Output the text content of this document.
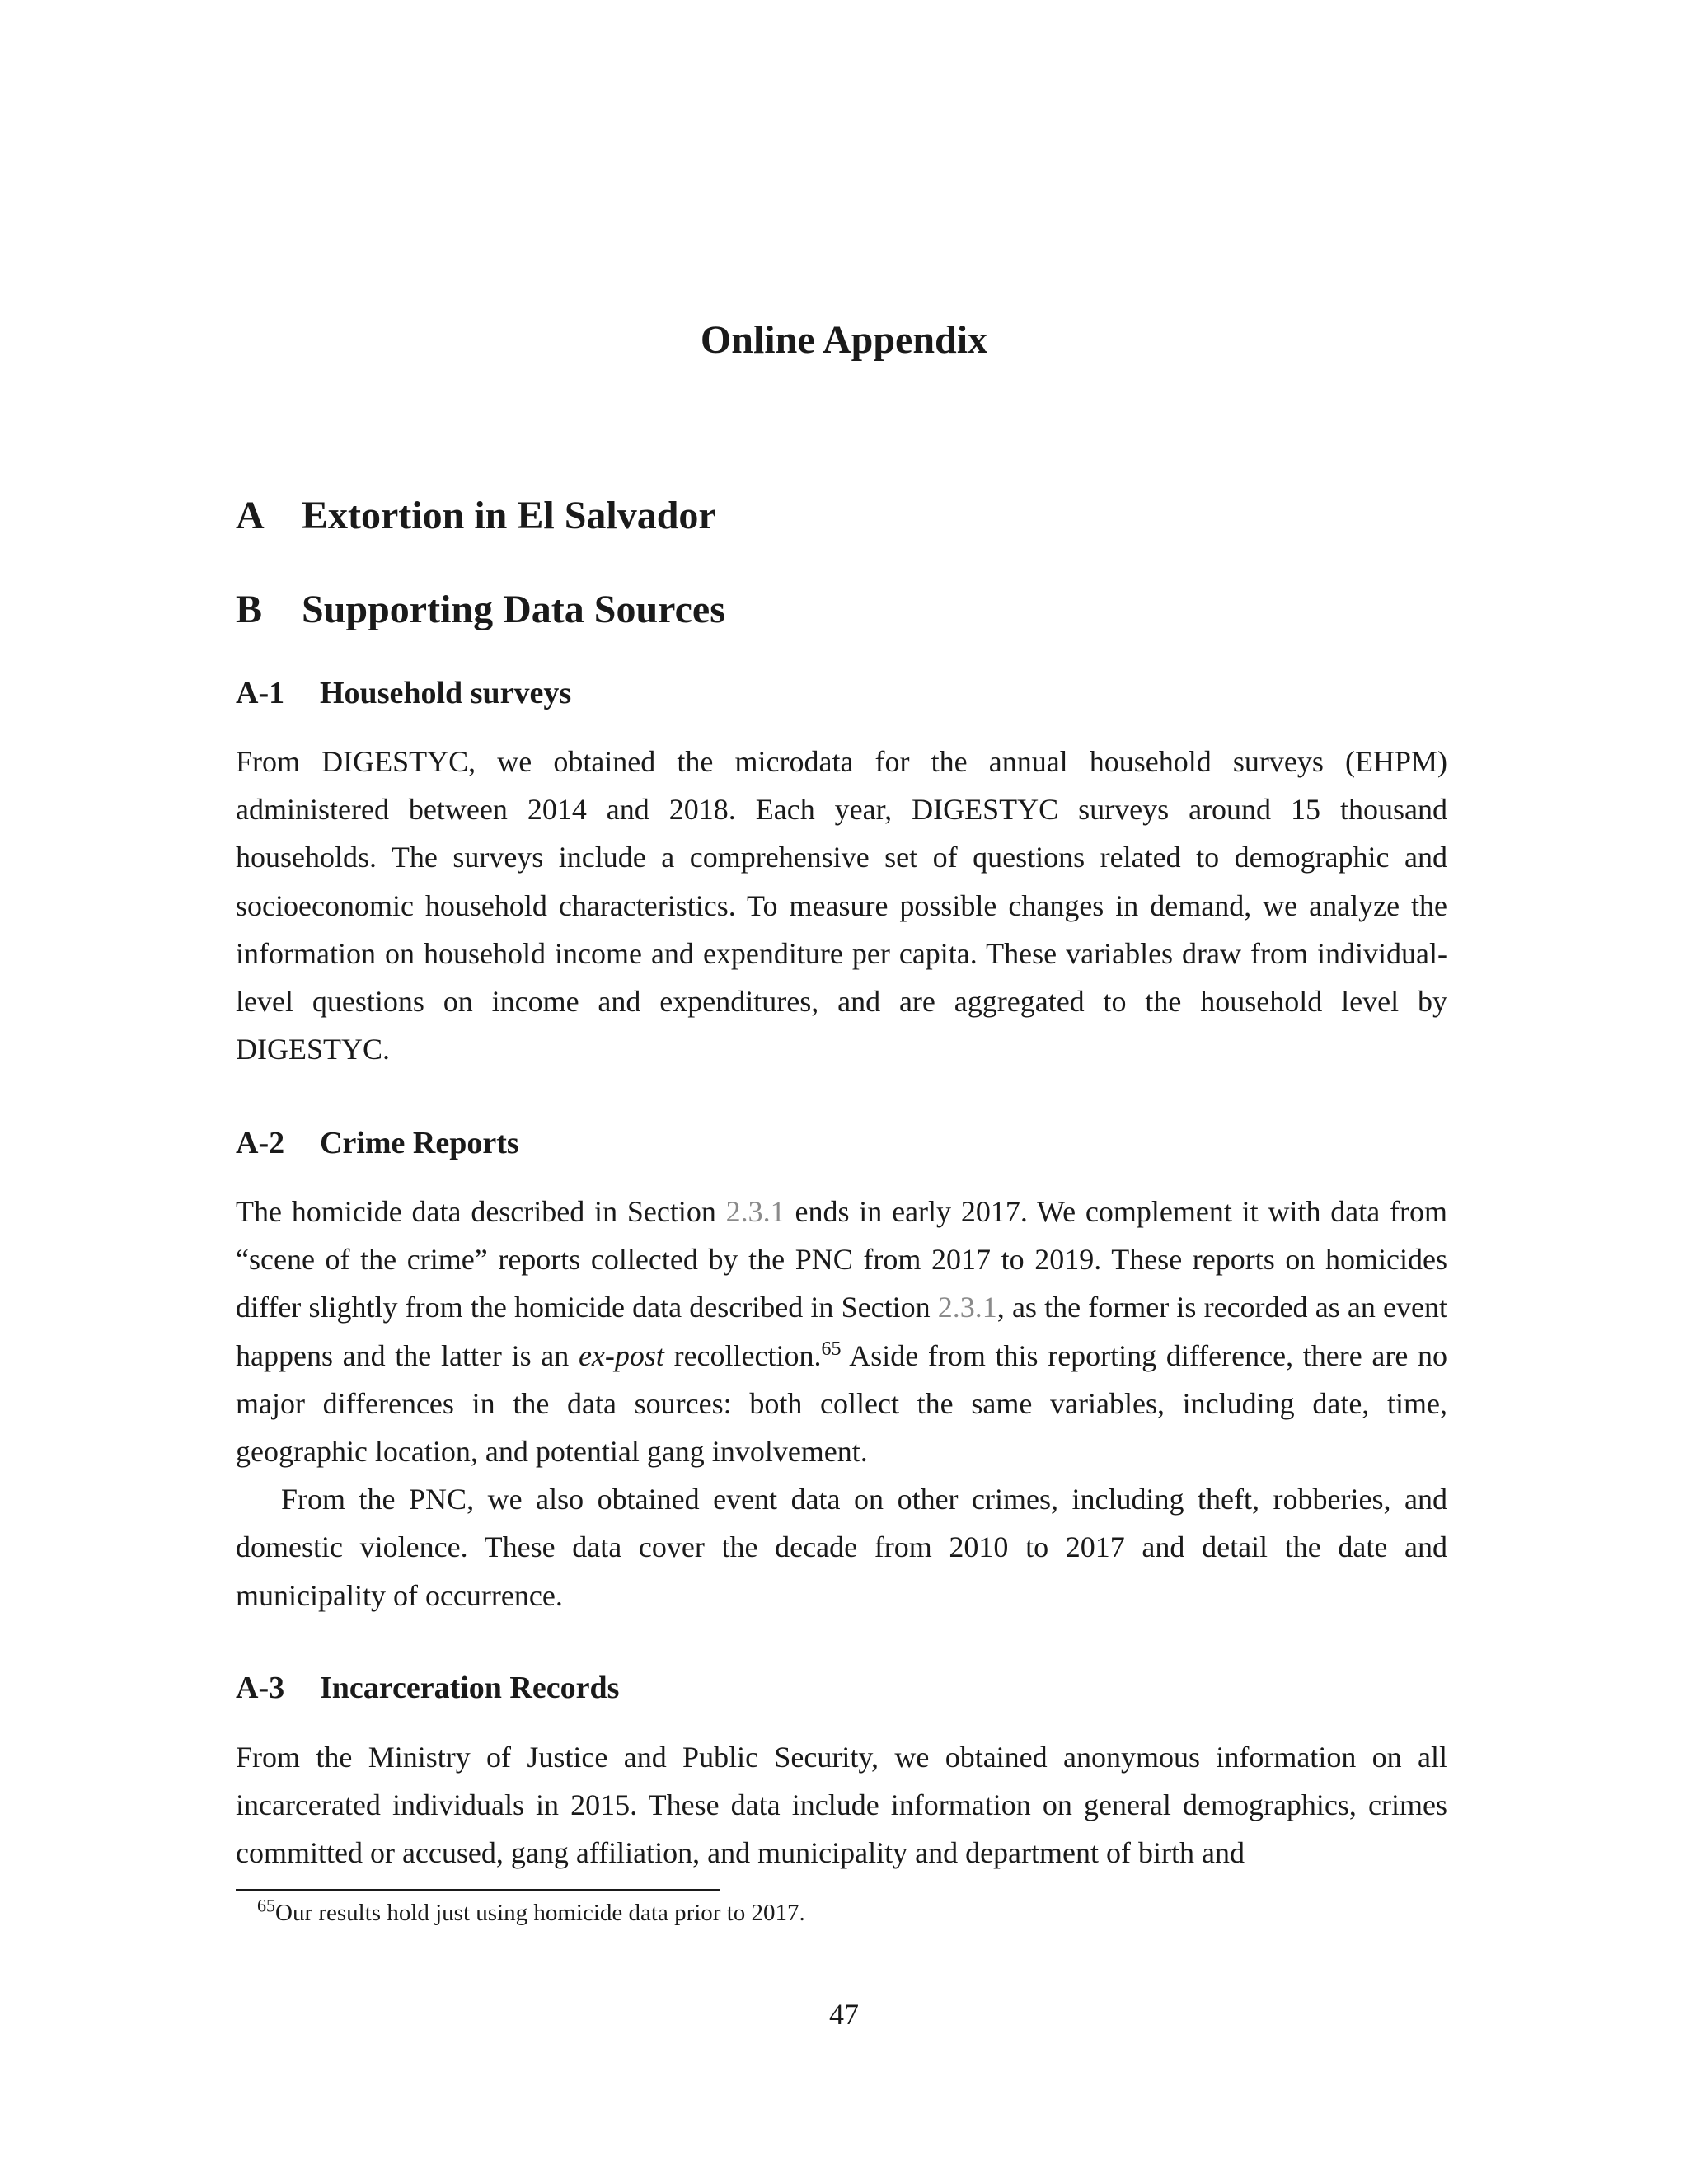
Online Appendix
A Extortion in El Salvador
B Supporting Data Sources
A-1 Household surveys

From DIGESTYC, we obtained the microdata for the annual household surveys (EHPM) administered between 2014 and 2018. Each year, DIGESTYC surveys around 15 thousand households. The surveys include a comprehensive set of questions related to demographic and socioeconomic household characteristics. To measure possible changes in demand, we analyze the information on household income and expenditure per capita. These variables draw from individual-level questions on income and expenditures, and are aggregated to the household level by DIGESTYC.

A-2 Crime Reports

The homicide data described in Section 2.3.1 ends in early 2017. We complement it with data from “scene of the crime” reports collected by the PNC from 2017 to 2019. These reports on homicides differ slightly from the homicide data described in Section 2.3.1, as the former is recorded as an event happens and the latter is an ex-post recollection.$^{65}$ Aside from this reporting difference, there are no major differences in the data sources: both collect the same variables, including date, time, geographic location, and potential gang involvement.

From the PNC, we also obtained event data on other crimes, including theft, robberies, and domestic violence. These data cover the decade from 2010 to 2017 and detail the date and municipality of occurrence.

A-3 Incarceration Records

From the Ministry of Justice and Public Security, we obtained anonymous information on all incarcerated individuals in 2015. These data include information on general demographics, crimes committed or accused, gang affiliation, and municipality and department of birth and

$^{65}$Our results hold just using homicide data prior to 2017.

47
